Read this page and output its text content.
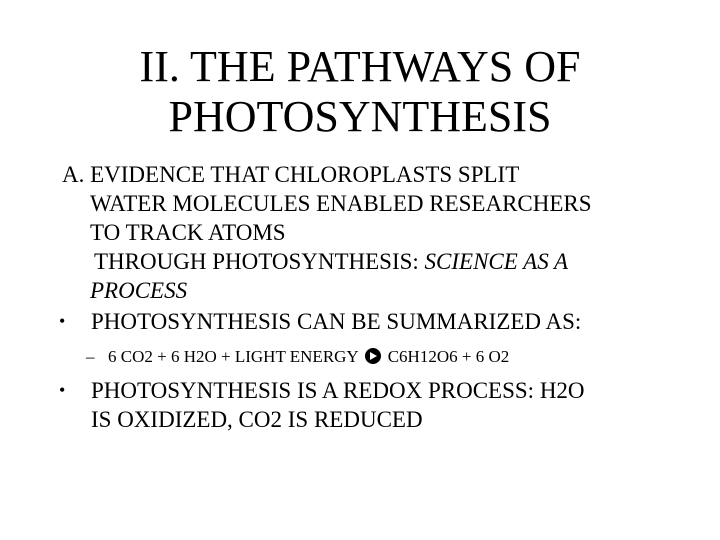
II. THE PATHWAYS OF
PHOTOSYNTHESIS
A. EVIDENCE THAT CHLOROPLASTS SPLIT
WATER MOLECULES ENABLED RESEARCHERS
TO TRACK ATOMS
THROUGH PHOTOSYNTHESIS: SCIENCE AS A
PROCESS
• PHOTOSYNTHESIS CAN BE SUMMARIZED AS:
– 6 CO2 + 6 H2O + LIGHT ENERGY C6H12O6 + 6 O2
• PHOTOSYNTHESIS IS A REDOX PROCESS: H2O
IS OXIDIZED, CO2 IS REDUCED
